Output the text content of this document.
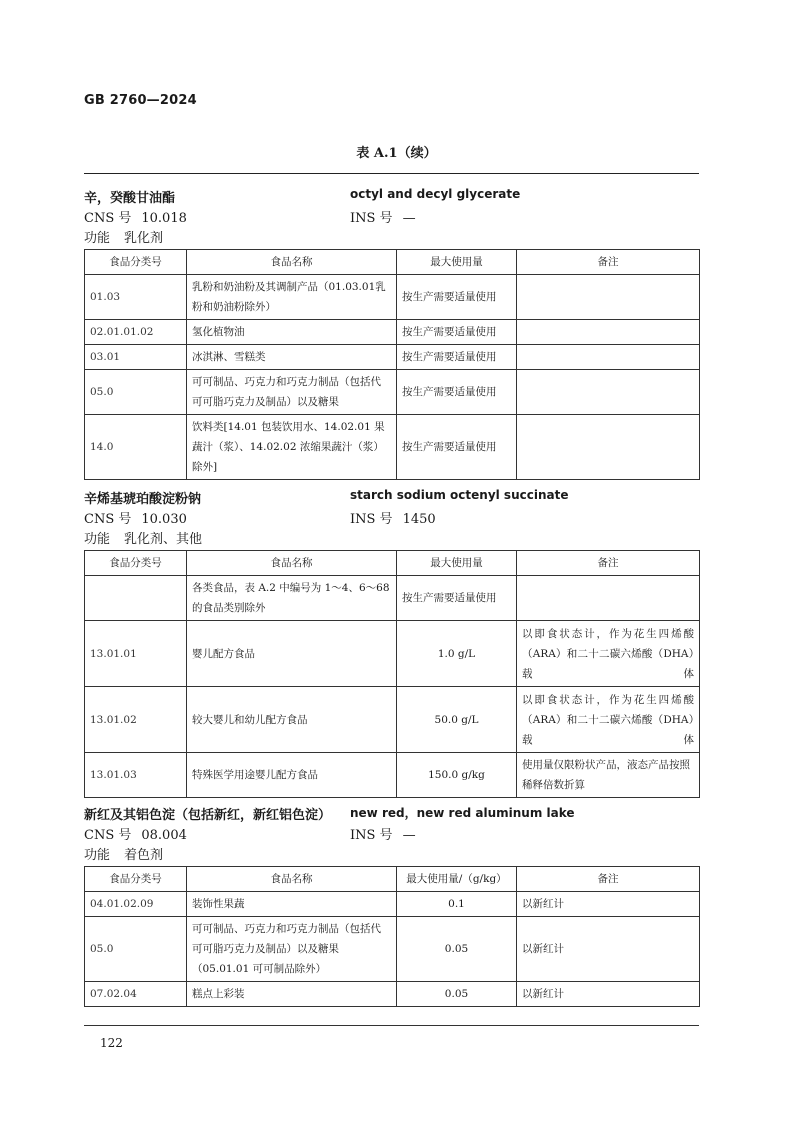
GB 2760—2024
表 A.1（续）
辛，癸酸甘油酯	octyl and decyl glycerate
CNS 号 10.018	INS 号 —
功能 乳化剂
食品分类号	食品名称	最大使用量	备注
01.03	乳粉和奶油粉及其调制产品（01.03.01乳粉和奶油粉除外）	按生产需要适量使用	
02.01.01.02	氢化植物油	按生产需要适量使用	
03.01	冰淇淋、雪糕类	按生产需要适量使用	
05.0	可可制品、巧克力和巧克力制品（包括代可可脂巧克力及制品）以及糖果	按生产需要适量使用	
14.0	饮料类[14.01 包装饮用水、14.02.01 果蔬汁（浆）、14.02.02 浓缩果蔬汁（浆）除外]	按生产需要适量使用	
辛烯基琥珀酸淀粉钠	starch sodium octenyl succinate
CNS 号 10.030	INS 号 1450
功能 乳化剂、其他
食品分类号	食品名称	最大使用量	备注
	各类食品，表 A.2 中编号为 1～4、6～68 的食品类别除外	按生产需要适量使用	
13.01.01	婴儿配方食品	1.0 g/L	以即食状态计，作为花生四烯酸（ARA）和二十二碳六烯酸（DHA）载体
13.01.02	较大婴儿和幼儿配方食品	50.0 g/L	以即食状态计，作为花生四烯酸（ARA）和二十二碳六烯酸（DHA）载体
13.01.03	特殊医学用途婴儿配方食品	150.0 g/kg	使用量仅限粉状产品，液态产品按照稀释倍数折算
新红及其铝色淀（包括新红，新红铝色淀） new red，new red aluminum lake
CNS 号 08.004	INS 号 —
功能 着色剂
食品分类号	食品名称	最大使用量/（g/kg）	备注
04.01.02.09	装饰性果蔬	0.1	以新红计
05.0	可可制品、巧克力和巧克力制品（包括代可可脂巧克力及制品）以及糖果（05.01.01 可可制品除外）	0.05	以新红计
07.02.04	糕点上彩装	0.05	以新红计
122
